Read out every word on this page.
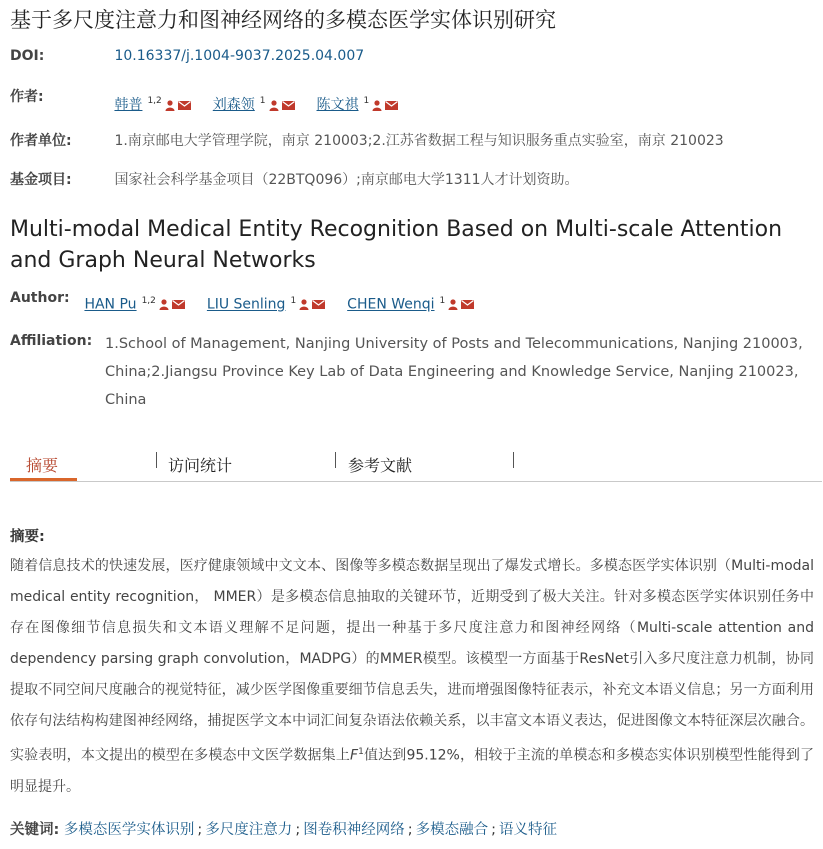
基于多尺度注意力和图神经网络的多模态医学实体识别研究
DOI:	10.16337/j.1004-9037.2025.04.007
作者:	韩普 $^{1,2}$	刘森领 $^1$	陈文祺 $^1$
作者单位:	1.南京邮电大学管理学院，南京 210003;2.江苏省数据工程与知识服务重点实验室，南京 210023
基金项目:	国家社会科学基金项目（22BTQ096）;南京邮电大学1311人才计划资助。
Multi-modal Medical Entity Recognition Based on Multi-scale Attention and Graph Neural Networks
Author: HAN Pu $^{1,2}$	LIU Senling $^1$	CHEN Wenqi $^1$
Affiliation: 1.School of Management, Nanjing University of Posts and Telecommunications, Nanjing 210003, China;2.Jiangsu Province Key Lab of Data Engineering and Knowledge Service, Nanjing 210023, China
摘要	访问统计	参考文献
摘要:
随着信息技术的快速发展，医疗健康领域中文文本、图像等多模态数据呈现出了爆发式增长。多模态医学实体识别（Multi-modal medical entity recognition， MMER）是多模态信息抽取的关键环节，近期受到了极大关注。针对多模态医学实体识别任务中存在图像细节信息损失和文本语义理解不足问题，提出一种基于多尺度注意力和图神经网络（Multi-scale attention and dependency parsing graph convolution，MADPG）的MMER模型。该模型一方面基于ResNet引入多尺度注意力机制，协同提取不同空间尺度融合的视觉特征，减少医学图像重要细节信息丢失，进而增强图像特征表示，补充文本语义信息；另一方面利用依存句法结构构建图神经网络，捕捉医学文本中词汇间复杂语法依赖关系，以丰富文本语义表达，促进图像文本特征深层次融合。实验表明，本文提出的模型在多模态中文医学数据集上$F^1$值达到95.12%，相较于主流的单模态和多模态实体识别模型性能得到了明显提升。
关键词: 多模态医学实体识别 ; 多尺度注意力 ; 图卷积神经网络 ; 多模态融合 ; 语义特征
